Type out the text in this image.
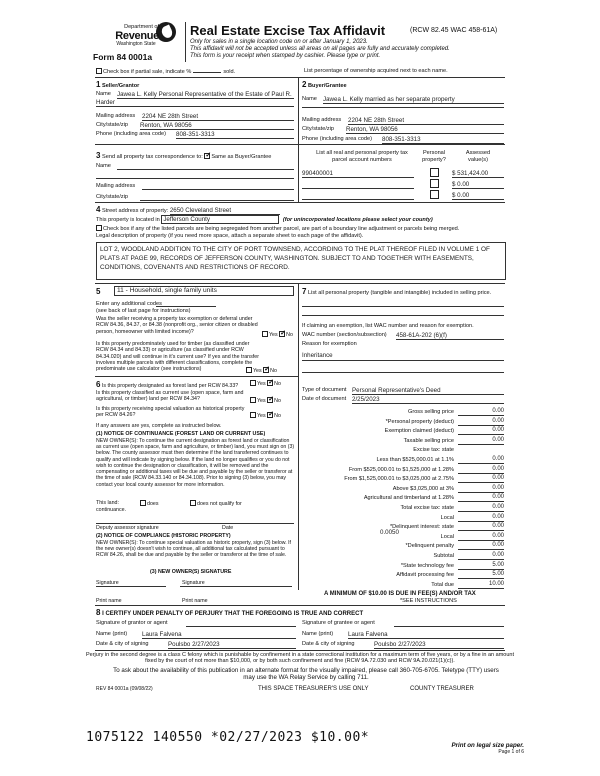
Department of
Revenue
Washington State
Form 84 0001a
Real Estate Excise Tax Affidavit	(RCW 82.45 WAC 458-61A)
Only for sales in a single location code on or after January 1, 2023.
This affidavit will not be accepted unless all areas on all pages are fully and accurately completed.
This form is your receipt when stamped by cashier. Please type or print.
Check box if partial sale, indicate %	sold.	List percentage of ownership acquired next to each name.
1 Seller/Grantor
Name Jawea L. Kelly Personal Representative of the Estate of Paul R.
Harder
Mailing address 2204 NE 28th Street
City/state/zip Renton, WA 98056
Phone (including area code) 808-351-3313
2 Buyer/Grantee
Name Jawea L. Kelly married as her separate property
Mailing address 2204 NE 28th Street
City/state/zip Renton, WA 98056
Phone (including area code) 808-351-3313
3 Send all property tax correspondence to: ✓ Same as Buyer/Grantee
Name
Mailing address
City/state/zip
List all real and personal property tax
parcel account numbers
Personal
property?
Assessed
value(s)
990400001	$ 531,424.00
$ 0.00
$ 0.00
4 Street address of property: 2650 Cleveland Street
This property is located in Jefferson County	(for unincorporated locations please select your county)
Check box if any of the listed parcels are being segregated from another parcel, are part of a boundary line adjustment or parcels being merged.
Legal description of property (if you need more space, attach a separate sheet to each page of the affidavit).
LOT 2, WOODLAND ADDITION TO THE CITY OF PORT TOWNSEND, ACCORDING TO THE PLAT THEREOF FILED IN VOLUME 1 OF PLATS AT PAGE 99, RECORDS OF JEFFERSON COUNTY, WASHINGTON. SUBJECT TO AND TOGETHER WITH EASEMENTS, CONDITIONS, COVENANTS AND RESTRICTIONS OF RECORD.
5	11 - Household, single family units
Enter any additional codes
(see back of last page for instructions)
Was the seller receiving a property tax exemption or deferral under RCW 84.36, 84.37, or 84.38 (nonprofit org., senior citizen or disabled person, homeowner with limited income)?
Yes ✓ No
Is this property predominately used for timber (as classified under RCW 84.34 and 84.33) or agriculture (as classified under RCW 84.34.020) and will continue in it's current use? If yes and the transfer involves multiple parcels with different classifications, complete the predominate use calculator (see instructions)	Yes ✓ No
6 Is this property designated as forest land per RCW 84.33?	Yes ✓ No
Is this property classified as current use (open space, farm and agricultural, or timber) land per RCW 84.34?	Yes ✓ No
Is this property receiving special valuation as historical property per RCW 84.26?	Yes ✓ No
If any answers are yes, complete as instructed below.
(1) NOTICE OF CONTINUANCE (FOREST LAND OR CURRENT USE)
NEW OWNER(S): To continue the current designation as forest land or classification as current use (open space, farm and agriculture, or timber) land, you must sign on (3) below. The county assessor must then determine if the land transferred continues to qualify and will indicate by signing below. If the land no longer qualifies or you do not wish to continue the designation or classification, it will be removed and the compensating or additional taxes will be due and payable by the seller or transferor at the time of sale (RCW 84.33.140 or 84.34.108). Prior to signing (3) below, you may contact your local county assessor for more information.
This land:	does	does not qualify for
continuance.
Deputy assessor signature	Date
(2) NOTICE OF COMPLIANCE (HISTORIC PROPERTY)
NEW OWNER(S): To continue special valuation as historic property, sign (3) below. If the new owner(s) doesn't wish to continue, all additional tax calculated pursuant to RCW 84.26, shall be due and payable by the seller or transferor at the time of sale.
(3) NEW OWNER(S) SIGNATURE
Signature	Signature
Print name	Print name
7 List all personal property (tangible and intangible) included in selling price.
If claiming an exemption, list WAC number and reason for exemption.
WAC number (section/subsection) 458-61A-202 (6)(f)
Reason for exemption
Inheritance
Type of document Personal Representative's Deed
Date of document 2/25/2023
Gross selling price	0.00
*Personal property (deduct)	0.00
Exemption claimed (deduct)	0.00
Taxable selling price	0.00
Excise tax: state
Less than $525,000.01 at 1.1%	0.00
From $525,000.01 to $1,525,000 at 1.28%	0.00
From $1,525,000.01 to $3,025,000 at 2.75%	0.00
Above $3,025,000 at 3%	0.00
Agricultural and timberland at 1.28%	0.00
Total excise tax: state	0.00
Local	0.00
*Delinquent interest: state	0.00
Local	0.00
*Delinquent penalty	0.00
Subtotal	0.00
*State technology fee	5.00
Affidavit processing fee	5.00
Total due	10.00
0.0050
A MINIMUM OF $10.00 IS DUE IN FEE(S) AND/OR TAX
*SEE INSTRUCTIONS
8 I CERTIFY UNDER PENALTY OF PERJURY THAT THE FOREGOING IS TRUE AND CORRECT
Signature of grantor or agent
Name (print) Laura Falvena
Date & city of signing	Poulsbo 2/27/2023
Signature of grantee or agent
Name (print) Laura Falvena
Date & city of signing	Poulsbo 2/27/2023
Perjury in the second degree is a class C felony which is punishable by confinement in a state correctional institution for a maximum term of five years, or by a fine in an amount fixed by the court of not more than $10,000, or by both such confinement and fine (RCW 9A.72.030 and RCW 9A.20.021(1)(c)).
To ask about the availability of this publication in an alternate format for the visually impaired, please call 360-705-6705. Teletype (TTY) users may use the WA Relay Service by calling 711.
REV 84 0001a (09/08/22)	THIS SPACE TREASURER'S USE ONLY	COUNTY TREASURER
1075122 140550 *02/27/2023 $10.00*
Print on legal size paper.
Page 1 of 6
